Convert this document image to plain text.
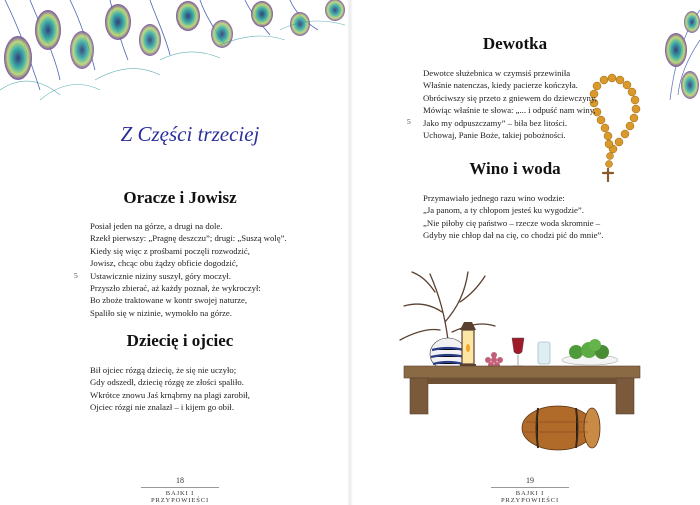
Z Części trzeciej
Oracze i Jowisz
Posiał jeden na górze, a drugi na dole.
Rzekł pierwszy: „Pragnę deszczu”; drugi: „Suszą wolę”.
Kiedy się więc z prośbami poczęli rozwodzić,
Jowisz, chcąc obu żądzy obficie dogodzić,
Ustawicznie niziny suszył, góry moczył.
Przyszło zbierać, aż każdy poznał, że wykroczył:
Bo zboże traktowane w kontr swojej naturze,
Spaliło się w nizinie, wymokło na górze.
5
Dziecię i ojciec
Bił ojciec rózgą dziecię, że się nie uczyło;
Gdy odszedł, dziecię rózgę ze złości spaliło.
Wkrótce znowu Jaś krnąbrny na plagi zarobił,
Ojciec rózgi nie znalazł – i kijem go obił.
18
BAJKI I PRZYPOWIEŚCI
Dewotka
Dewotce służebnica w czymsiś przewiniła
Właśnie natenczas, kiedy pacierze kończyła.
Obróciwszy się przeto z gniewem do dziewczyny,
Mówiąc właśnie te słowa: „... i odpuść nam winy,
Jako my odpuszczamy” – biła bez litości.
Uchowaj, Panie Boże, takiej pobożności.
5
Wino i woda
Przymawiało jednego razu wino wodzie:
„Ja panom, a ty chłopom jesteś ku wygodzie”.
„Nie piłoby cię państwo – rzecze woda skromnie –
Gdyby nie chłop dał na cię, co chodzi pić do mnie”.
19
BAJKI I PRZYPOWIEŚCI
